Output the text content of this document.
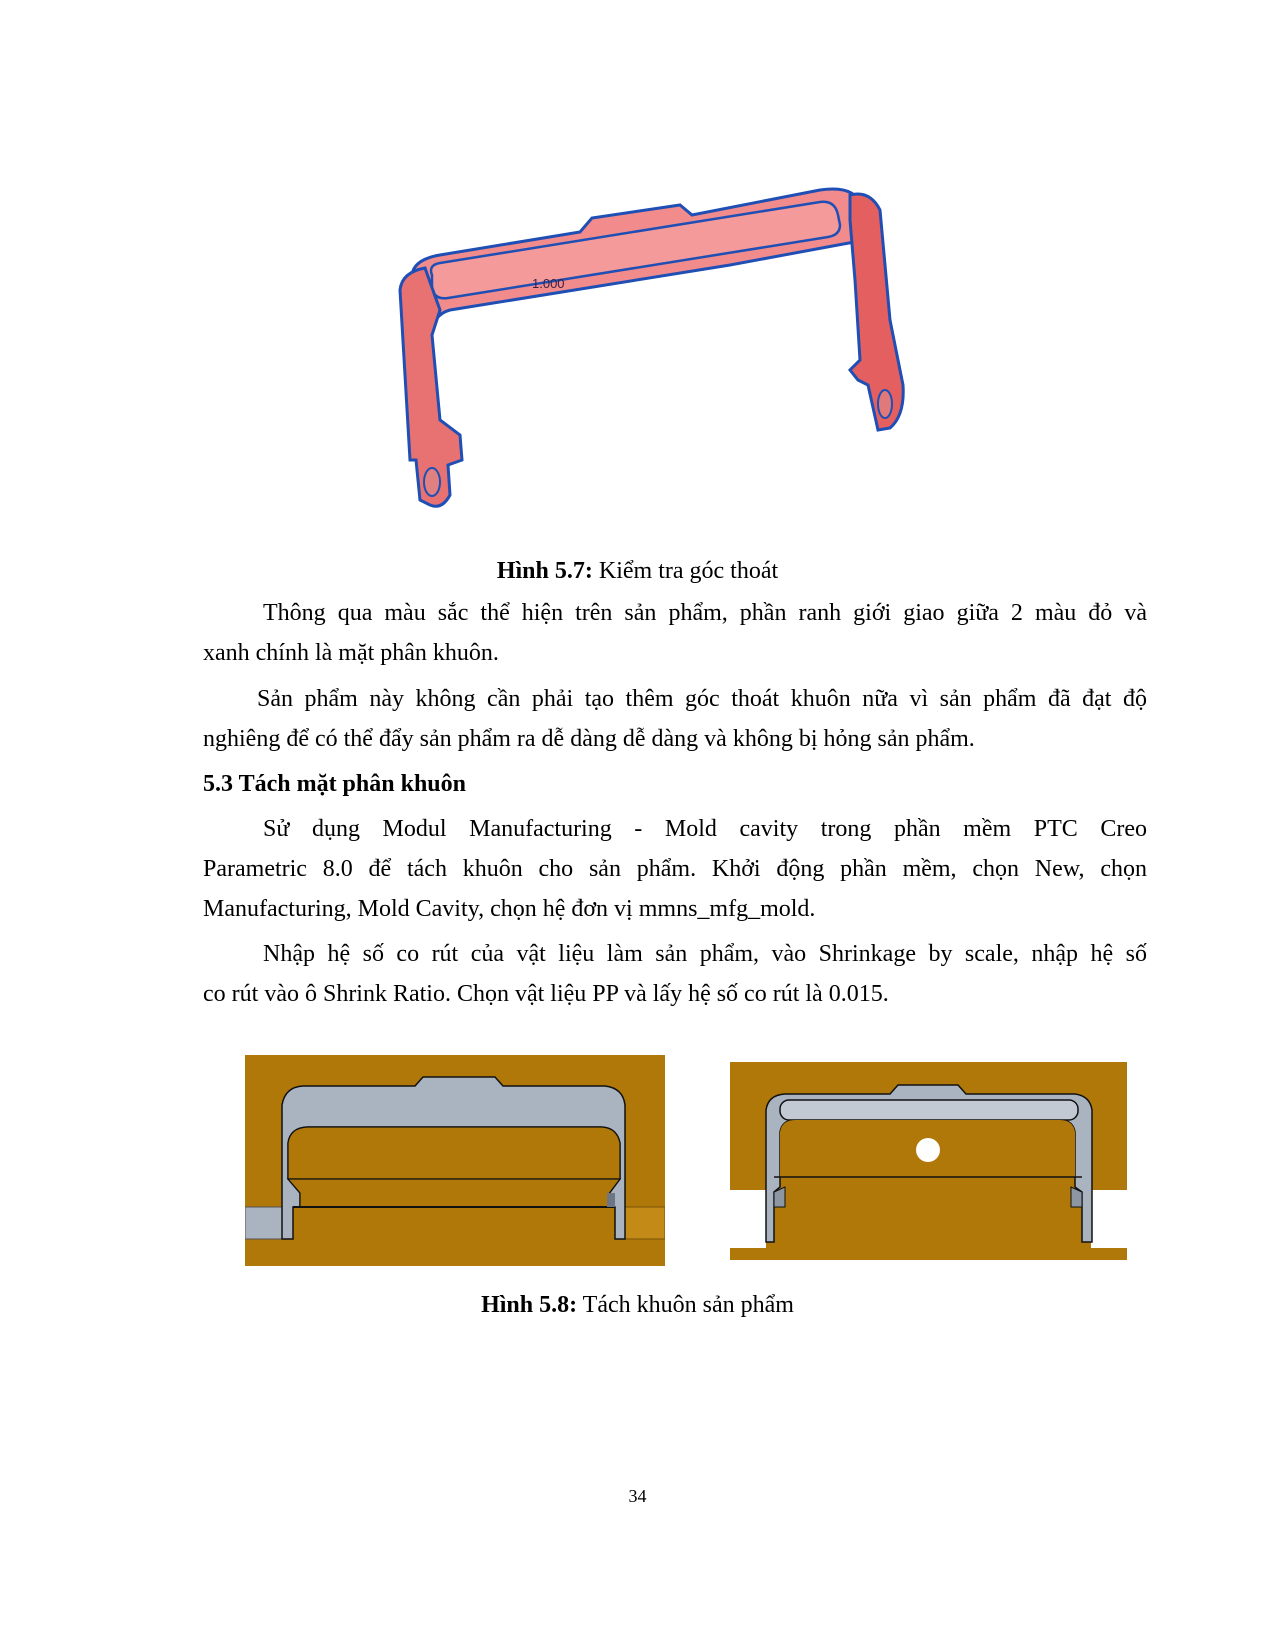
1.000
Hình 5.7: Kiểm tra góc thoát
Thông qua màu sắc thể hiện trên sản phẩm, phần ranh giới giao giữa 2 màu đỏ và
xanh chính là mặt phân khuôn.
Sản phẩm này không cần phải tạo thêm góc thoát khuôn nữa vì sản phẩm đã đạt độ
nghiêng để có thể đẩy sản phẩm ra dễ dàng dễ dàng và không bị hỏng sản phẩm.
5.3 Tách mặt phân khuôn
Sử dụng Modul Manufacturing - Mold cavity trong phần mềm PTC Creo
Parametric 8.0 để tách khuôn cho sản phẩm. Khởi động phần mềm, chọn New, chọn
Manufacturing, Mold Cavity, chọn hệ đơn vị mmns_mfg_mold.
Nhập hệ số co rút của vật liệu làm sản phẩm, vào Shrinkage by scale, nhập hệ số
co rút vào ô Shrink Ratio. Chọn vật liệu PP và lấy hệ số co rút là 0.015.
Hình 5.8: Tách khuôn sản phẩm
34
